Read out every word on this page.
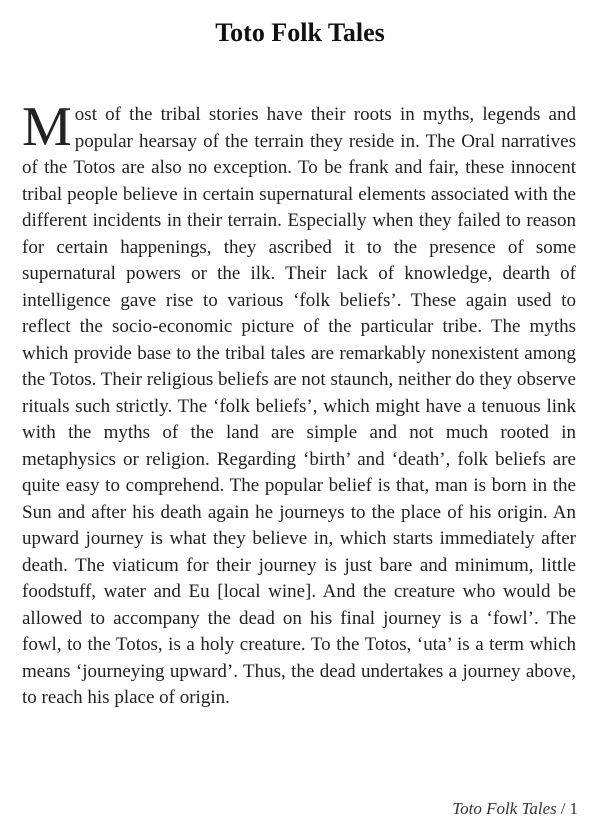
Toto Folk Tales

Most of the tribal stories have their roots in myths, legends and popular hearsay of the terrain they reside in. The Oral narratives of the Totos are also no exception. To be frank and fair, these innocent tribal people believe in certain supernatural elements associated with the different incidents in their terrain. Especially when they failed to reason for certain happenings, they ascribed it to the presence of some supernatural powers or the ilk. Their lack of knowledge, dearth of intelligence gave rise to various ‘folk beliefs’. These again used to reflect the socio-economic picture of the particular tribe. The myths which provide base to the tribal tales are remarkably nonexistent among the Totos. Their religious beliefs are not staunch, neither do they observe rituals such strictly. The ‘folk beliefs’, which might have a tenuous link with the myths of the land are simple and not much rooted in metaphysics or religion. Regarding ‘birth’ and ‘death’, folk beliefs are quite easy to comprehend. The popular belief is that, man is born in the Sun and after his death again he journeys to the place of his origin. An upward journey is what they believe in, which starts immediately after death. The viaticum for their journey is just bare and minimum, little foodstuff, water and Eu [local wine]. And the creature who would be allowed to accompany the dead on his final journey is a ‘fowl’. The fowl, to the Totos, is a holy creature. To the Totos, ‘uta’ is a term which means ‘journeying upward’. Thus, the dead undertakes a journey above, to reach his place of origin.

Toto Folk Tales / 1
